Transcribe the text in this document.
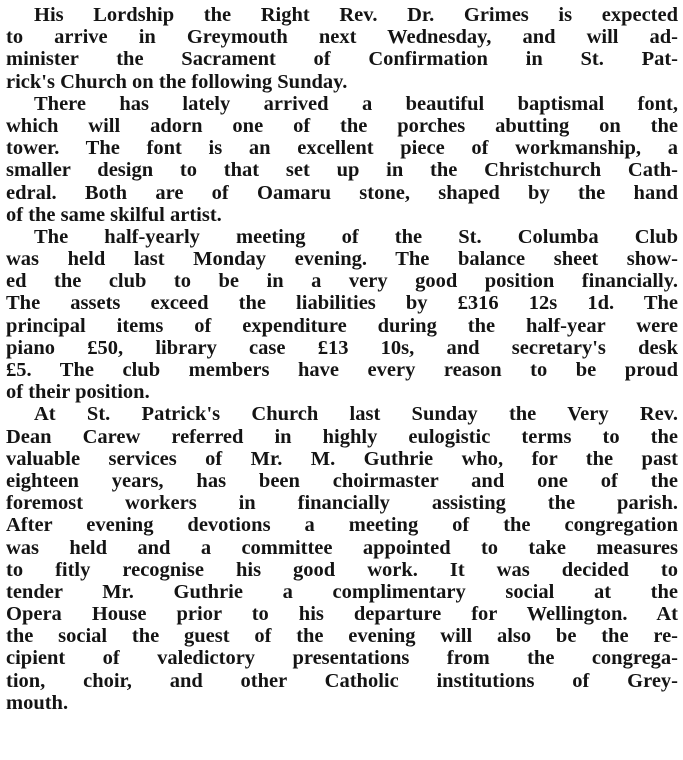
His Lordship the Right Rev. Dr. Grimes is expected
to arrive in Greymouth next Wednesday, and will ad-
minister the Sacrament of Confirmation in St. Pat-
rick's Church on the following Sunday.
There has lately arrived a beautiful baptismal font,
which will adorn one of the porches abutting on the
tower. The font is an excellent piece of workmanship, a
smaller design to that set up in the Christchurch Cath-
edral. Both are of Oamaru stone, shaped by the hand
of the same skilful artist.
The half-yearly meeting of the St. Columba Club
was held last Monday evening. The balance sheet show-
ed the club to be in a very good position financially.
The assets exceed the liabilities by £316 12s 1d. The
principal items of expenditure during the half-year were
piano £50, library case £13 10s, and secretary's desk
£5. The club members have every reason to be proud
of their position.
At St. Patrick's Church last Sunday the Very Rev.
Dean Carew referred in highly eulogistic terms to the
valuable services of Mr. M. Guthrie who, for the past
eighteen years, has been choirmaster and one of the
foremost workers in financially assisting the parish.
After evening devotions a meeting of the congregation
was held and a committee appointed to take measures
to fitly recognise his good work. It was decided to
tender Mr. Guthrie a complimentary social at the
Opera House prior to his departure for Wellington. At
the social the guest of the evening will also be the re-
cipient of valedictory presentations from the congrega-
tion, choir, and other Catholic institutions of Grey-
mouth.
